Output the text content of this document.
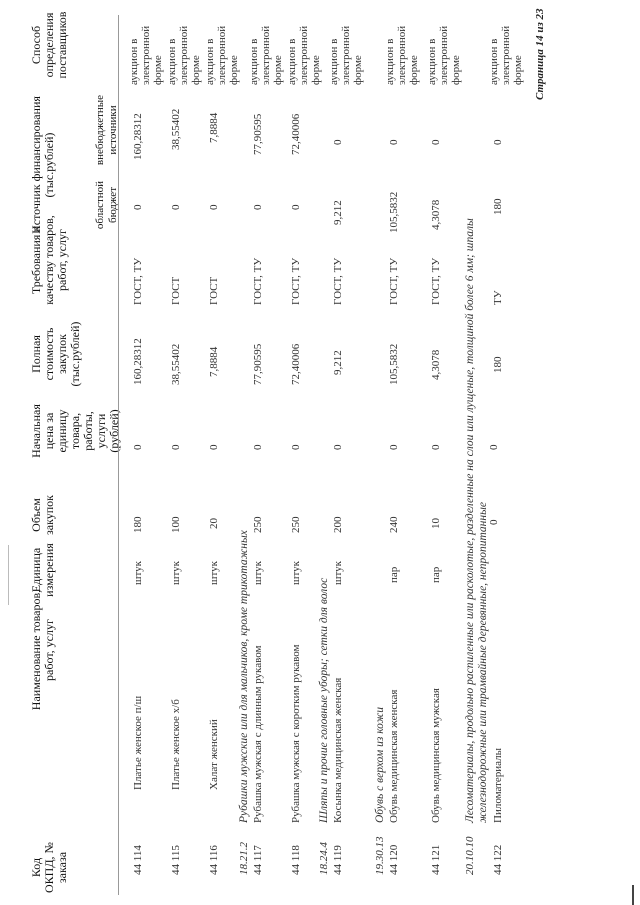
Код ОКПД, № заказа
Наименование товаров, работ, услуг
Единица измерения
Объем закупок
Начальная цена за единицу товара, работы, услуги (рублей)
Полная стоимость закупок (тыс.рублей)
Требования к качеству товаров, работ, услуг
Источник финансирования (тыс.рублей)
областной бюджет
внебюджетные источники
Способ определения поставщиков
44 114
Платье женское п/ш
штук
180
0
160,28312
ГОСТ, ТУ
0
160,28312
аукцион в электронной форме
44 115
Платье женское х/б
штук
100
0
38,55402
ГОСТ
0
38,55402
аукцион в электронной форме
44 116
Халат женский
штук
20
0
7,8884
ГОСТ
0
7,8884
аукцион в электронной форме
18.21.2
Рубашки мужские или для мальчиков, кроме трикотажных
44 117
Рубашка мужская с длинным рукавом
штук
250
0
77,90595
ГОСТ, ТУ
0
77,90595
аукцион в электронной форме
44 118
Рубашка мужская с коротким рукавом
штук
250
0
72,40006
ГОСТ, ТУ
0
72,40006
аукцион в электронной форме
18.24.4
Шляпы и прочие головные уборы; сетки для волос
44 119
Косынка медицинская женская
штук
200
0
9,212
ГОСТ, ТУ
9,212
0
аукцион в электронной форме
19.30.13
Обувь с верхом из кожи
44 120
Обувь медицинская женская
пар
240
0
105,5832
ГОСТ, ТУ
105,5832
0
аукцион в электронной форме
44 121
Обувь медицинская мужская
пар
10
0
4,3078
ГОСТ, ТУ
4,3078
0
аукцион в электронной форме
20.10.10
Лесоматериалы, продольно распиленные или расколотые, разделенные на слои или лущеные, толщиной более 6 мм; шпалы железнодорожные или трамвайные деревянные, непропитанные
44 122
Пиломатериалы
0
0
180
ТУ
180
0
аукцион в электронной форме Страница 14 из 23
